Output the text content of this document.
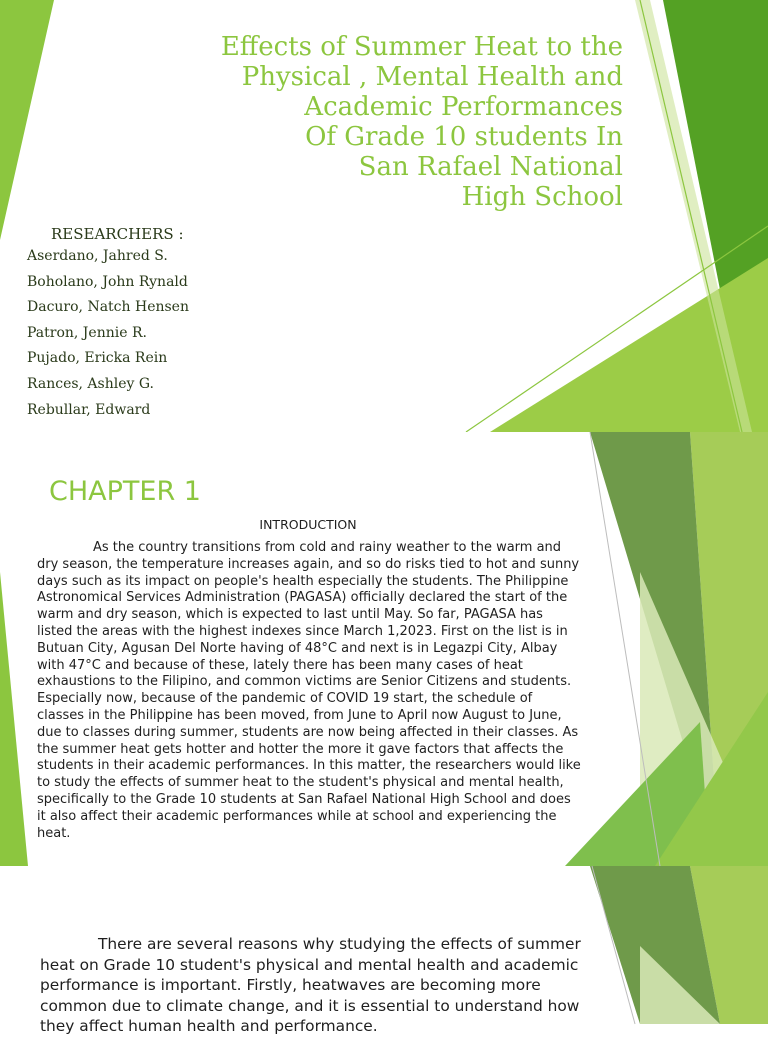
Effects of Summer Heat to the
Physical , Mental Health and
Academic Performances
Of Grade 10 students In
San Rafael National
High School

RESEARCHERS :

Aserdano, Jahred S.
Boholano, John Rynald
Dacuro, Natch Hensen
Patron, Jennie R.
Pujado, Ericka Rein
Rances, Ashley G.
Rebullar, Edward
CHAPTER 1
INTRODUCTION

As the country transitions from cold and rainy weather to the warm and dry season, the temperature increases again, and so do risks tied to hot and sunny days such as its impact on people's health especially the students. The Philippine Astronomical Services Administration (PAGASA) officially declared the start of the warm and dry season, which is expected to last until May. So far, PAGASA has listed the areas with the highest indexes since March 1,2023. First on the list is in Butuan City, Agusan Del Norte having of 48°C and next is in Legazpi City, Albay with 47°C and because of these, lately there has been many cases of heat exhaustions to the Filipino, and common victims are Senior Citizens and students. Especially now, because of the pandemic of COVID 19 start, the schedule of classes in the Philippine has been moved, from June to April now August to June, due to classes during summer, students are now being affected in their classes. As the summer heat gets hotter and hotter the more it gave factors that affects the students in their academic performances. In this matter, the researchers would like to study the effects of summer heat to the student's physical and mental health, specifically to the Grade 10 students at San Rafael National High School and does it also affect their academic performances while at school and experiencing the heat.

There are several reasons why studying the effects of summer heat on Grade 10 student's physical and mental health and academic performance is important. Firstly, heatwaves are becoming more common due to climate change, and it is essential to understand how they affect human health and performance.
